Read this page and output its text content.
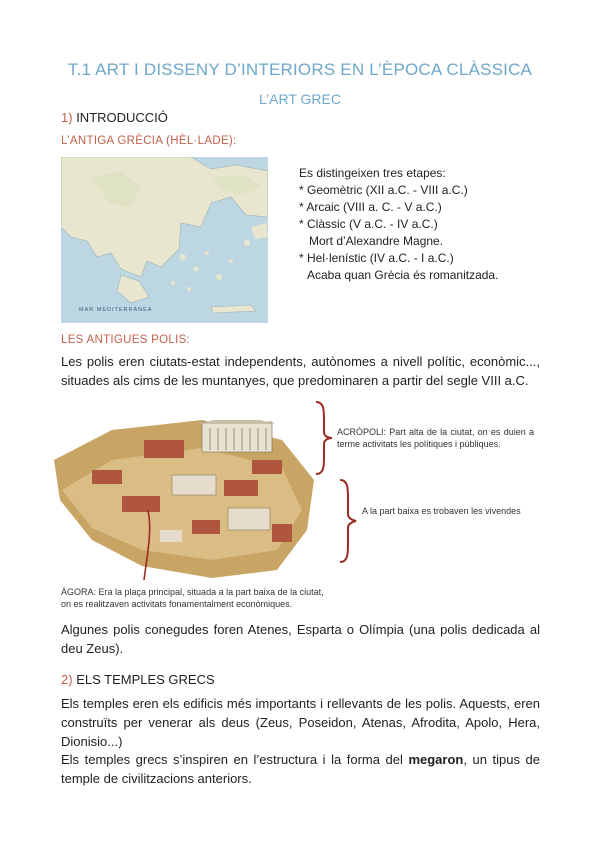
T.1 ART I DISSENY D’INTERIORS EN L’ÈPOCA CLÀSSICA
L’ART GREC
1) INTRODUCCIÓ
L’ANTIGA GRÈCIA (HÈL·LADE):
MAR MEDITERRÀNEA
Es distingeixen tres etapes:
* Geomètric (XII a.C. - VIII a.C.)
* Arcaic (VIII a. C. - V a.C.)
* Clàssic (V a.C. - IV a.C.)
Mort d’Alexandre Magne.
* Hel·lenístic (IV a.C. - I a.C.)
Acaba quan Grècia és romanitzada.
LES ANTIGUES POLIS:
Les polis eren ciutats-estat independents, autònomes a nivell polític, econòmic..., situades als cims de les muntanyes, que predominaren a partir del segle VIII a.C.
ACRÒPOLI: Part alta de la ciutat, on es duien a terme activitats les polítiques i públiques.
A la part baixa es trobaven les vivendes
ÀGORA: Era la plaça principal, situada a la part baixa de la ciutat,
on es realitzaven activitats fonamentalment econòmiques.
Algunes polis conegudes foren Atenes, Esparta o Olímpia (una polis dedicada al deu Zeus).
2) ELS TEMPLES GRECS
Els temples eren els edificis més importants i rellevants de les polis. Aquests, eren construïts per venerar als deus (Zeus, Poseidon, Atenas, Afrodita, Apolo, Hera, Dionisio...)
Els temples grecs s’inspiren en l’estructura i la forma del megaron, un tipus de temple de civilitzacions anteriors.
